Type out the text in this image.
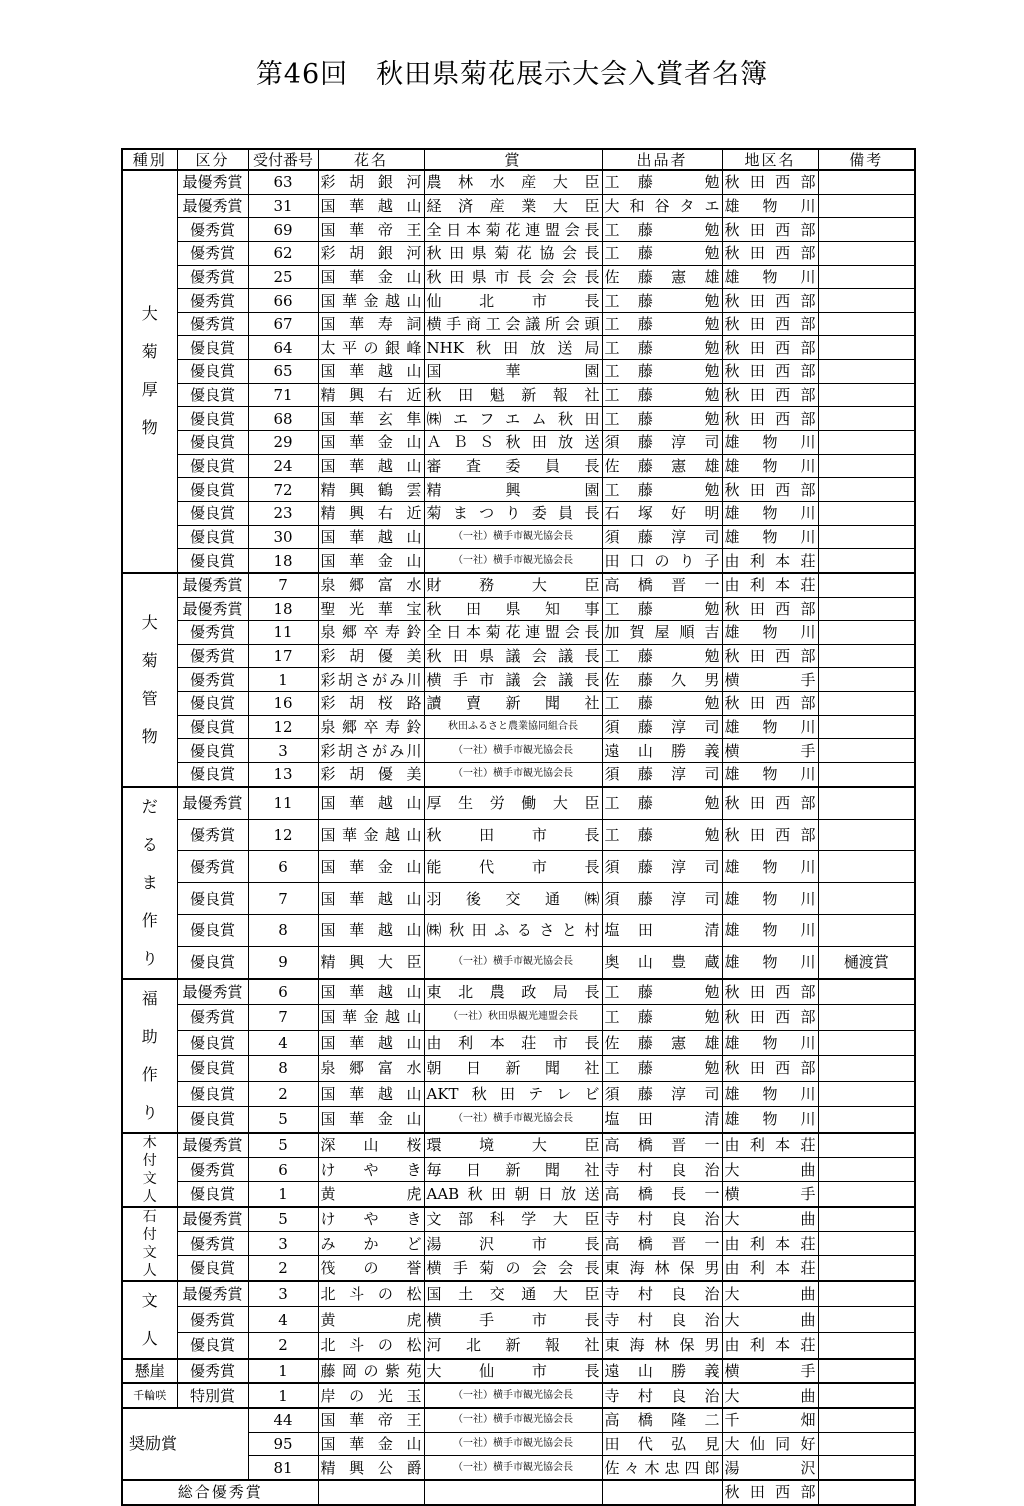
第46回　秋田県菊花展示大会入賞者名簿
種別	区分	受付番号	花名	賞	出品者	地区名	備考
大
菊
厚
物	最優秀賞	63	彩胡銀河	農林水産大臣	工藤　勉	秋田西部	
	最優秀賞	31	国華越山	経済産業大臣	大和谷タエ	雄物川	
	優秀賞	69	国華帝王	全日本菊花連盟会長	工藤　勉	秋田西部	
	優秀賞	62	彩胡銀河	秋田県菊花協会長	工藤　勉	秋田西部	
	優秀賞	25	国華金山	秋田県市長会会長	佐藤憲雄	雄物川	
	優秀賞	66	国華金越山	仙北市長	工藤　勉	秋田西部	
	優秀賞	67	国華寿詞	横手商工会議所会頭	工藤　勉	秋田西部	
	優良賞	64	太平の銀峰	NHK秋田放送局	工藤　勉	秋田西部	
	優良賞	65	国華越山	国華園	工藤　勉	秋田西部	
	優良賞	71	精興右近	秋田魁新報社	工藤　勉	秋田西部	
	優良賞	68	国華玄隼	㈱エフエム秋田	工藤　勉	秋田西部	
	優良賞	29	国華金山	ＡＢＳ秋田放送	須藤淳司	雄物川	
	優良賞	24	国華越山	審査委員長	佐藤憲雄	雄物川	
	優良賞	72	精興鶴雲	精興園	工藤　勉	秋田西部	
	優良賞	23	精興右近	菊まつり委員長	石塚好明	雄物川	
	優良賞	30	国華越山	（一社）横手市観光協会長	須藤淳司	雄物川	
	優良賞	18	国華金山	（一社）横手市観光協会長	田口のり子	由利本荘	
大
菊
管
物	最優秀賞	7	泉郷富水	財務大臣	高橋晋一	由利本荘	
	最優秀賞	18	聖光華宝	秋田県知事	工藤　勉	秋田西部	
	優秀賞	11	泉郷卒寿鈴	全日本菊花連盟会長	加賀屋順吉	雄物川	
	優秀賞	17	彩胡優美	秋田県議会議長	工藤　勉	秋田西部	
	優秀賞	1	彩胡さがみ川	横手市議会議長	佐藤久男	横手	
	優良賞	16	彩胡桜路	讀賣新聞社	工藤　勉	秋田西部	
	優良賞	12	泉郷卒寿鈴	秋田ふるさと農業協同組合長	須藤淳司	雄物川	
	優良賞	3	彩胡さがみ川	（一社）横手市観光協会長	遠山勝義	横手	
	優良賞	13	彩胡優美	（一社）横手市観光協会長	須藤淳司	雄物川	
だ
る
ま
作
り	最優秀賞	11	国華越山	厚生労働大臣	工藤　勉	秋田西部	
	優秀賞	12	国華金越山	秋田市長	工藤　勉	秋田西部	
	優秀賞	6	国華金山	能代市長	須藤淳司	雄物川	
	優良賞	7	国華越山	羽後交通㈱	須藤淳司	雄物川	
	優良賞	8	国華越山	㈱秋田ふるさと村	塩田　清	雄物川	
	優良賞	9	精興大臣	（一社）横手市観光協会長	奥山豊蔵	雄物川	樋渡賞
福
助
作
り	最優秀賞	6	国華越山	東北農政局長	工藤　勉	秋田西部	
	優秀賞	7	国華金越山	（一社）秋田県観光連盟会長	工藤　勉	秋田西部	
	優良賞	4	国華越山	由利本荘市長	佐藤憲雄	雄物川	
	優良賞	8	泉郷富水	朝日新聞社	工藤　勉	秋田西部	
	優良賞	2	国華越山	AKT秋田テレビ	須藤淳司	雄物川	
	優良賞	5	国華金山	（一社）横手市観光協会長	塩田　清	雄物川	
木
付
文
人	最優秀賞	5	深山桜	環境大臣	高橋晋一	由利本荘	
	優秀賞	6	けやき	毎日新聞社	寺村良治	大曲	
	優良賞	1	黄虎	AAB秋田朝日放送	高橋長一	横手	
石
付
文
人	最優秀賞	5	けやき	文部科学大臣	寺村良治	大曲	
	優秀賞	3	みかど	湯沢市長	高橋晋一	由利本荘	
	優良賞	2	筏の誉	横手菊の会会長	東海林保男	由利本荘	
文
人	最優秀賞	3	北斗の松	国土交通大臣	寺村良治	大曲	
	優秀賞	4	黄虎	横手市長	寺村良治	大曲	
	優良賞	2	北斗の松	河北新報社	東海林保男	由利本荘	
懸崖	優秀賞	1	藤岡の紫苑	大仙市長	遠山勝義	横手	
千輪咲	特別賞	1	岸の光玉	（一社）横手市観光協会長	寺村良治	大曲	
奨励賞		44	国華帝王	（一社）横手市観光協会長	高橋隆二	千畑	
		95	国華金山	（一社）横手市観光協会長	田代弘見	大仙同好	
		81	精興公爵	（一社）横手市観光協会長	佐々木忠四郎	湯沢	
総合優秀賞						秋田西部	
